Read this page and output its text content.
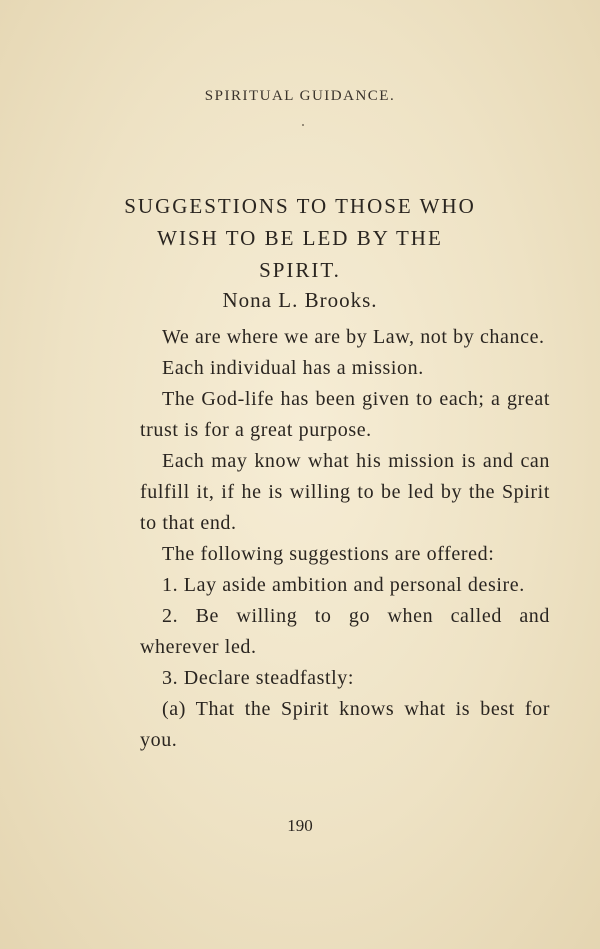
SPIRITUAL GUIDANCE.
SUGGESTIONS TO THOSE WHO
WISH TO BE LED BY THE
SPIRIT.
Nona L. Brooks.

We are where we are by Law, not by chance.

Each individual has a mission.

The God-life has been given to each; a great trust is for a great purpose.

Each may know what his mission is and can fulfill it, if he is willing to be led by the Spirit to that end.

The following suggestions are offered:

1. Lay aside ambition and personal desire.

2. Be willing to go when called and wherever led.

3. Declare steadfastly:

(a) That the Spirit knows what is best for you.

190
